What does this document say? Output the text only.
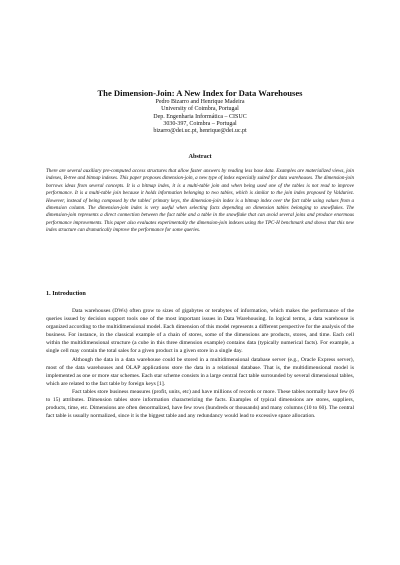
The Dimension-Join: A New Index for Data Warehouses
Pedro Bizarro and Henrique Madeira
University of Coimbra, Portugal
Dep. Engenharia Informática – CISUC
3030-397, Coimbra – Portugal
bizarro@dei.uc.pt, henrique@dei.uc.pt
Abstract

There are several auxiliary pre-computed access structures that allow faster answers by reading less base data. Examples are materialized views, join indexes, B-tree and bitmap indexes. This paper proposes dimension-join, a new type of index especially suited for data warehouses. The dimension-join borrows ideas from several concepts. It is a bitmap index, it is a multi-table join and when being used one of the tables is not read to improve performance. It is a multi-table join because it holds information belonging to two tables, which is similar to the join index proposed by Valduriez. However, instead of being composed by the tables' primary keys, the dimension-join index is a bitmap index over the fact table using values from a dimension column. The dimension-join index is very useful when selecting facts depending on dimension tables belonging to snowflakes. The dimension-join represents a direct connection between the fact table and a table in the snowflake that can avoid several joins and produce enormous performance improvements. This paper also evaluates experimentally the dimension-join indexes using the TPC-H benchmark and shows that this new index structure can dramatically improve the performance for some queries.

1. Introduction

Data warehouses (DWs) often grow to sizes of gigabytes or terabytes of information, which makes the performance of the queries issued by decision support tools one of the most important issues in Data Warehousing. In logical terms, a data warehouse is organized according to the multidimensional model. Each dimension of this model represents a different perspective for the analysis of the business. For instance, in the classical example of a chain of stores, some of the dimensions are products, stores, and time. Each cell within the multidimensional structure (a cube in this three dimension example) contains data (typically numerical facts). For example, a single cell may contain the total sales for a given product in a given store in a single day.

Although the data in a data warehouse could be stored in a multidimensional database server (e.g., Oracle Express server), most of the data warehouses and OLAP applications store the data in a relational database. That is, the multidimensional model is implemented as one or more star schemes. Each star scheme consists in a large central fact table surrounded by several dimensional tables, which are related to the fact table by foreign keys [1].

Fact tables store business measures (profit, units, etc) and have millions of records or more. These tables normally have few (6 to 15) attributes. Dimension tables store information characterizing the facts. Examples of typical dimensions are stores, suppliers, products, time, etc. Dimensions are often denormalized, have few rows (hundreds or thousands) and many columns (10 to 60). The central fact table is usually normalized, since it is the biggest table and any redundancy would lead to excessive space allocation.
